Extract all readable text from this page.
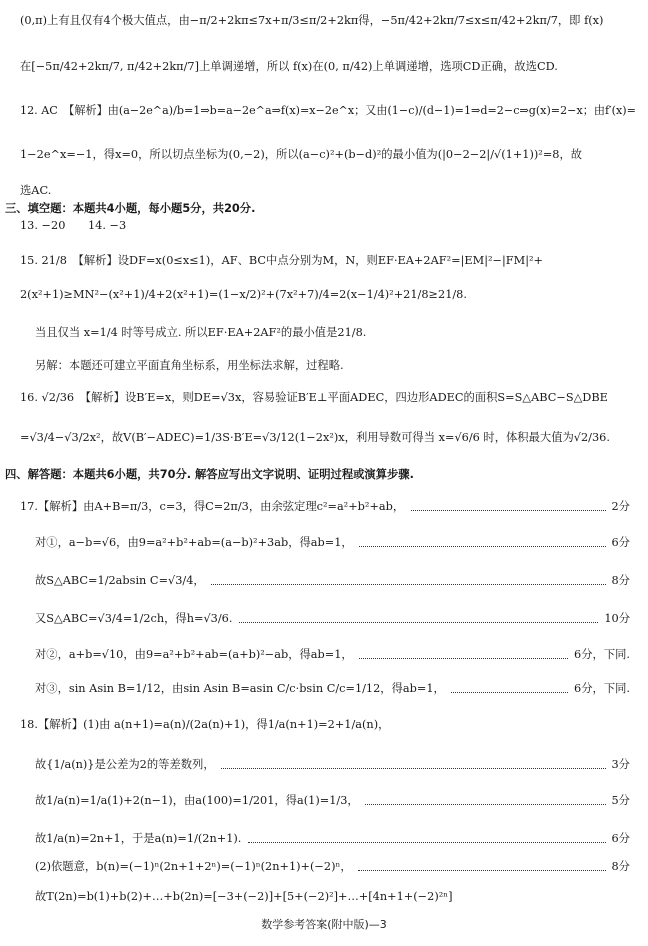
(0,π)上有且仅有4个极大值点，由−π/2+2kπ≤7x+π/3≤π/2+2kπ得，−5π/42+2kπ/7≤x≤π/42+2kπ/7，即 f(x)
在[−5π/42+2kπ/7, π/42+2kπ/7]上单调递增，所以 f(x)在(0, π/42)上单调递增，选项CD正确，故选CD.
12. AC　【解析】由(a−2e^a)/b=1⇒b=a−2e^a⇒f(x)=x−2e^x；又由(1−c)/(d−1)=1⇒d=2−c⇒g(x)=2−x；由f′(x)=
1−2e^x=−1，得x=0，所以切点坐标为(0,−2)，所以(a−c)²+(b−d)²的最小值为(|0−2−2|/√(1+1))²=8，故
选AC.
三、填空题：本题共4小题，每小题5分，共20分.
13. −20　　14. −3
15. 21/8　【解析】设DF=x(0≤x≤1)，AF、BC中点分别为M，N，则EF·EA+2AF²=|EM|²−|FM|²+
2(x²+1)≥MN²−(x²+1)/4+2(x²+1)=(1−x/2)²+(7x²+7)/4=2(x−1/4)²+21/8≥21/8.
当且仅当 x=1/4 时等号成立. 所以EF·EA+2AF²的最小值是21/8.
另解：本题还可建立平面直角坐标系，用坐标法求解，过程略.
16. √2/36　【解析】设B′E=x，则DE=√3x，容易验证B′E⊥平面ADEC，四边形ADEC的面积S=S△ABC−S△DBE
=√3/4−√3/2x²，故V(B′−ADEC)=1/3S·B′E=√3/12(1−2x²)x，利用导数可得当 x=√6/6 时，体积最大值为√2/36.
四、解答题：本题共6小题，共70分. 解答应写出文字说明、证明过程或演算步骤.
17.【解析】由A+B=π/3，c=3，得C=2π/3，由余弦定理c²=a²+b²+ab，	2分
对①，a−b=√6，由9=a²+b²+ab=(a−b)²+3ab，得ab=1，	6分
故S△ABC=1/2absin C=√3/4，	8分
又S△ABC=√3/4=1/2ch，得h=√3/6.	10分
对②，a+b=√10，由9=a²+b²+ab=(a+b)²−ab，得ab=1，	6分，下同.
对③，sin Asin B=1/12，由sin Asin B=asin C/c·bsin C/c=1/12，得ab=1，	6分，下同.
18.【解析】(1)由 a(n+1)=a(n)/(2a(n)+1)，得1/a(n+1)=2+1/a(n)，
故{1/a(n)}是公差为2的等差数列，	3分
故1/a(n)=1/a(1)+2(n−1)，由a(100)=1/201，得a(1)=1/3，	5分
故1/a(n)=2n+1，于是a(n)=1/(2n+1).	6分
(2)依题意，b(n)=(−1)ⁿ(2n+1+2ⁿ)=(−1)ⁿ(2n+1)+(−2)ⁿ，	8分
故T(2n)=b(1)+b(2)+…+b(2n)=[−3+(−2)]+[5+(−2)²]+…+[4n+1+(−2)²ⁿ]
数学参考答案(附中版)—3
